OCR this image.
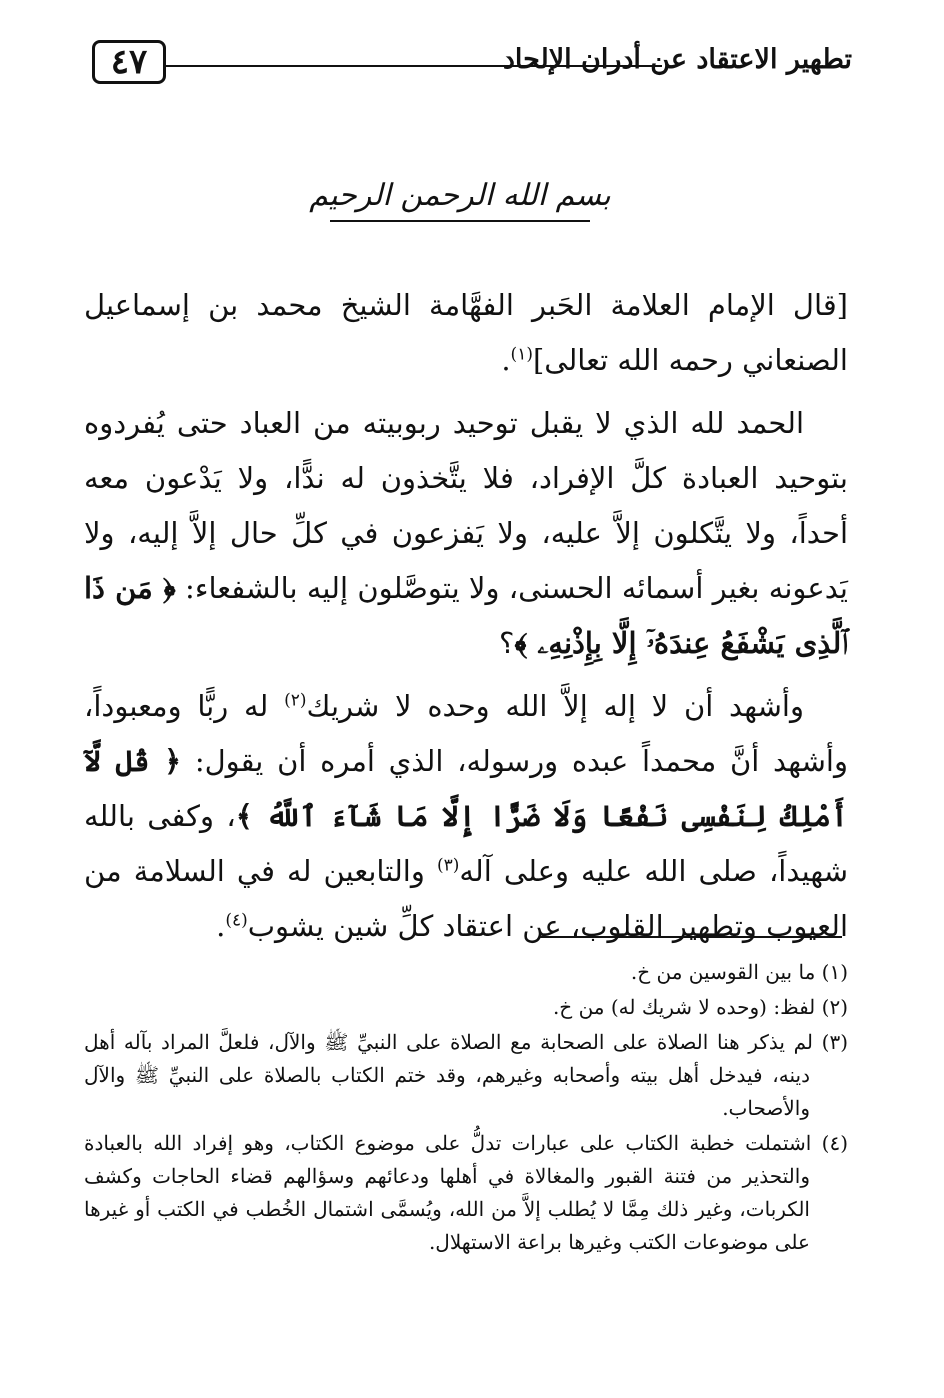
٤٧	تطهير الاعتقاد عن أدران الإلحاد
بسم الله الرحمن الرحيم

[قال الإمام العلامة الحَبر الفهَّامة الشيخ محمد بن إسماعيل الصنعاني رحمه الله تعالى]$^{(١)}$.

الحمد لله الذي لا يقبل توحيد ربوبيته من العباد حتى يُفردوه بتوحيد العبادة كلَّ الإفراد، فلا يتَّخذون له ندًّا، ولا يَدْعون معه أحداً، ولا يتَّكلون إلاَّ عليه، ولا يَفزعون في كلِّ حال إلاَّ إليه، ولا يَدعونه بغير أسمائه الحسنى، ولا يتوصَّلون إليه بالشفعاء: ﴿ مَن ذَا ٱلَّذِى يَشْفَعُ عِندَهُۥٓ إِلَّا بِإِذْنِهِۦ ﴾؟

وأشهد أن لا إله إلاَّ الله وحده لا شريك$^{(٢)}$ له ربًّا ومعبوداً، وأشهد أنَّ محمداً عبده ورسوله، الذي أمره أن يقول: ﴿ قُل لَّآ أَمْلِكُ لِنَفْسِى نَفْعًا وَلَا ضَرًّا إِلَّا مَا شَآءَ ٱللَّهُ ﴾، وكفى بالله شهيداً، صلى الله عليه وعلى آله$^{(٣)}$ والتابعين له في السلامة من العيوب وتطهير القلوب، عن اعتقاد كلِّ شين يشوب$^{(٤)}$.

(١) ما بين القوسين من خ.

(٢) لفظ: (وحده لا شريك له) من خ.

(٣) لم يذكر هنا الصلاة على الصحابة مع الصلاة على النبيِّ ﷺ والآل، فلعلَّ المراد بآله أهل دينه، فيدخل أهل بيته وأصحابه وغيرهم، وقد ختم الكتاب بالصلاة على النبيِّ ﷺ والآل والأصحاب.

(٤) اشتملت خطبة الكتاب على عبارات تدلُّ على موضوع الكتاب، وهو إفراد الله بالعبادة والتحذير من فتنة القبور والمغالاة في أهلها ودعائهم وسؤالهم قضاء الحاجات وكشف الكربات، وغير ذلك مِمَّا لا يُطلب إلاَّ من الله، ويُسمَّى اشتمال الخُطب في الكتب أو غيرها على موضوعات الكتب وغيرها براعة الاستهلال.
